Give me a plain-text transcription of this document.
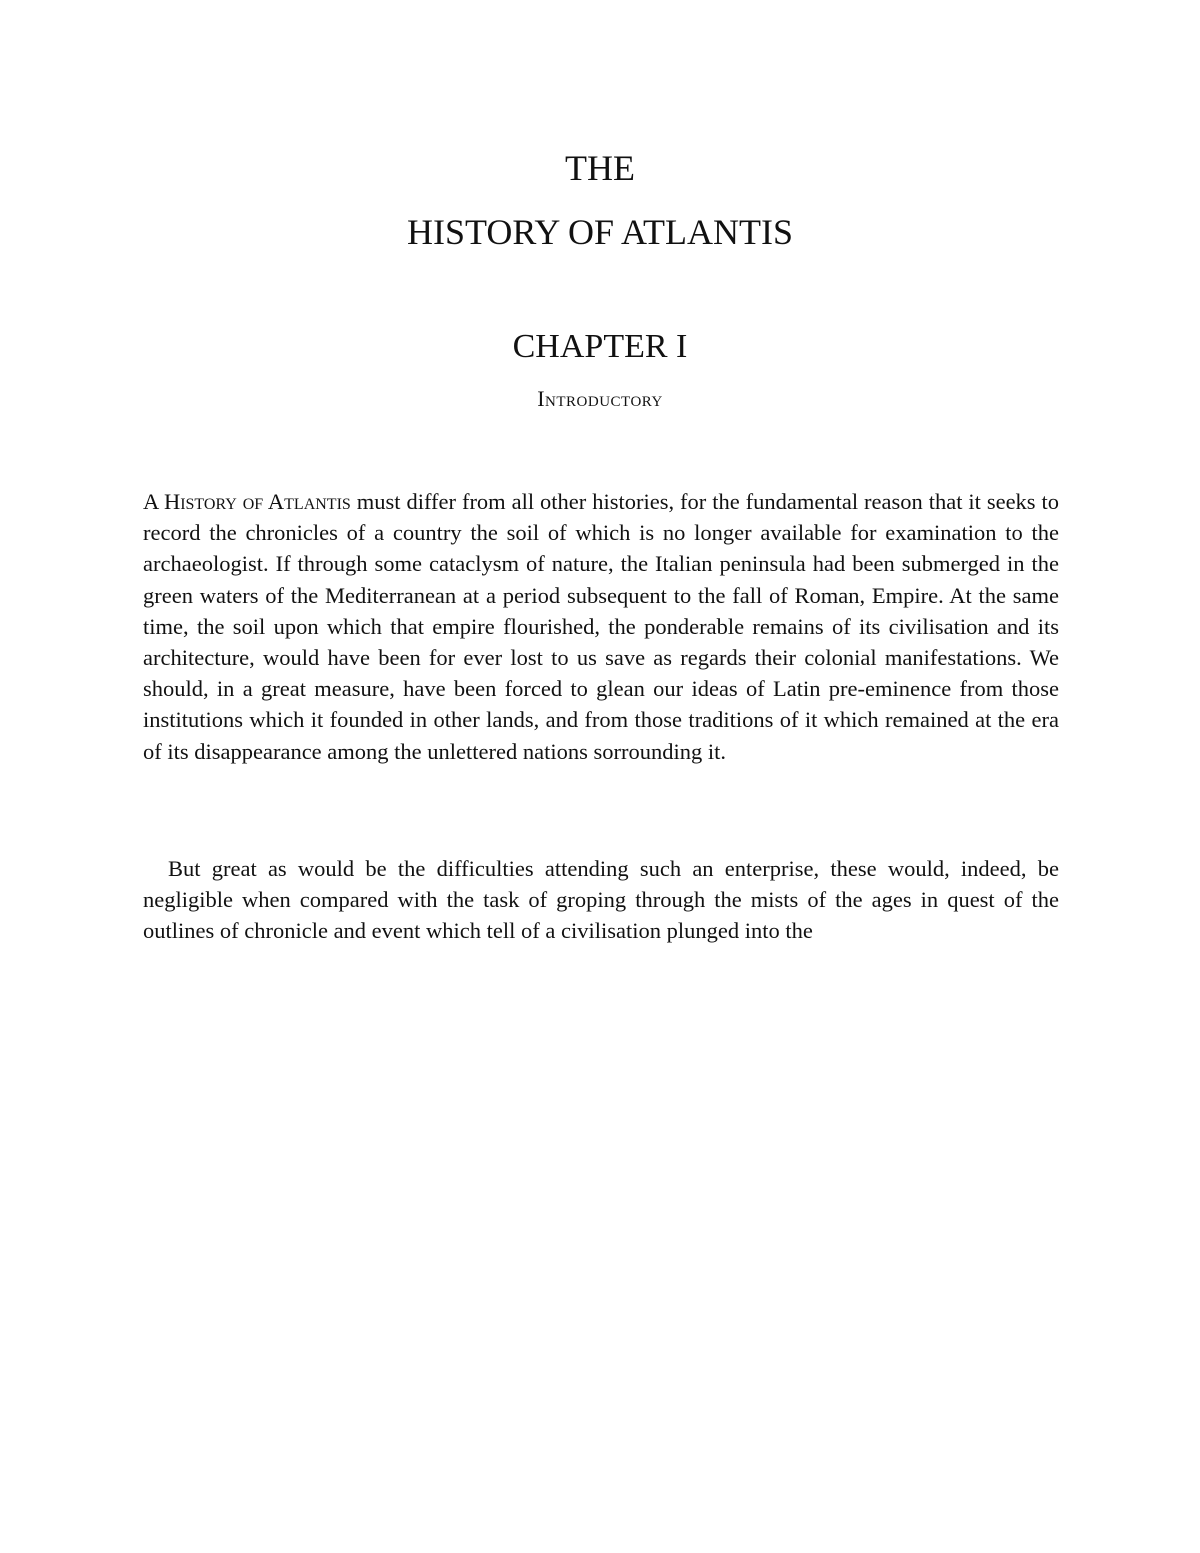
THE
HISTORY OF ATLANTIS
CHAPTER I
Introductory

A History of Atlantis must differ from all other histories, for the fundamental reason that it seeks to record the chronicles of a country the soil of which is no longer available for examination to the archaeologist. If through some cataclysm of nature, the Italian peninsula had been submerged in the green waters of the Mediterranean at a period subsequent to the fall of Roman, Empire. At the same time, the soil upon which that empire flourished, the ponderable remains of its civilisation and its architecture, would have been for ever lost to us save as regards their colonial manifestations. We should, in a great measure, have been forced to glean our ideas of Latin pre-eminence from those institutions which it founded in other lands, and from those traditions of it which remained at the era of its disappearance among the unlettered nations sorrounding it.

But great as would be the difficulties attending such an enterprise, these would, indeed, be negligible when compared with the task of groping through the mists of the ages in quest of the outlines of chronicle and event which tell of a civilisation plunged into the
